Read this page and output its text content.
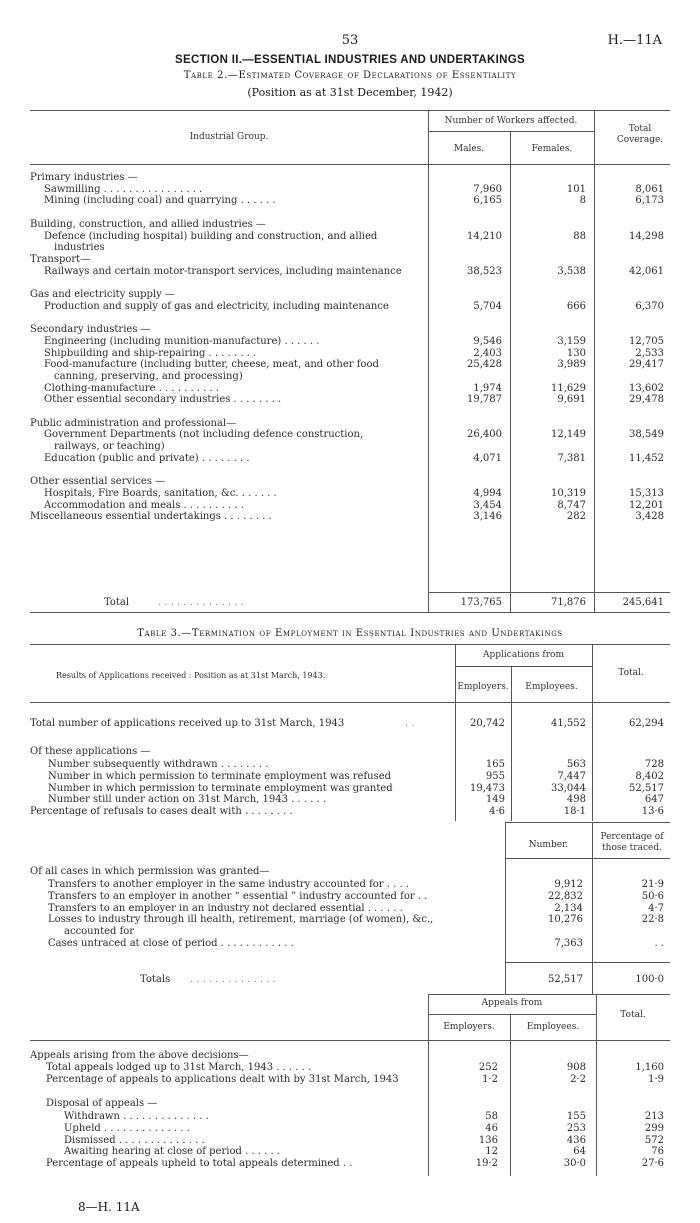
53	H.—11A
SECTION II.—ESSENTIAL INDUSTRIES AND UNDERTAKINGS
Table 2.—Estimated Coverage of Declarations of Essentiality
(Position as at 31st December, 1942)
Industrial Group.
Number of Workers affected.
Males.	Females.
Total Coverage.
Primary industries —
Sawmilling . . . . . . . . . . . . . . . .	7,960	101	8,061
Mining (including coal) and quarrying . . . . . .	6,165	8	6,173
Building, construction, and allied industries —
Defence (including hospital) building and construction, and allied	14,210	88	14,298
industries
Transport—
Railways and certain motor-transport services, including maintenance	38,523	3,538	42,061
Gas and electricity supply —
Production and supply of gas and electricity, including maintenance	5,704	666	6,370
Secondary industries —
Engineering (including munition-manufacture) . . . . . .	9,546	3,159	12,705
Shipbuilding and ship-repairing . . . . . . . .	2,403	130	2,533
Food-manufacture (including butter, cheese, meat, and other food	25,428	3,989	29,417
canning, preserving, and processing)
Clothing-manufacture . . . . . . . . . .	1,974	11,629	13,602
Other essential secondary industries . . . . . . . .	19,787	9,691	29,478
Public administration and professional—
Government Departments (not including defence construction,	26,400	12,149	38,549
railways, or teaching)
Education (public and private) . . . . . . . .	4,071	7,381	11,452
Other essential services —
Hospitals, Fire Boards, sanitation, &c. . . . . . .	4,994	10,319	15,313
Accommodation and meals . . . . . . . . . .	3,454	8,747	12,201
Miscellaneous essential undertakings . . . . . . . .	3,146	282	3,428
Total	. . . . . . . . . . . . . .	173,765	71,876	245,641
Table 3.—Termination of Employment in Essential Industries and Undertakings
Results of Applications received : Position as at 31st March, 1943.
Applications from
Employers.	Employees.
Total.
Total number of applications received up to 31st March, 1943	. .	20,742	41,552	62,294
Of these applications —
Number subsequently withdrawn . . . . . . . .	165	563	728
Number in which permission to terminate employment was refused	955	7,447	8,402
Number in which permission to terminate employment was granted	19,473	33,044	52,517
Number still under action on 31st March, 1943 . . . . . .	149	498	647
Percentage of refusals to cases dealt with . . . . . . . .	4·6	18·1	13·6
Number.
Percentage of those traced.
Of all cases in which permission was granted—
Transfers to another employer in the same industry accounted for . . . .	9,912	21·9
Transfers to an employer in another “ essential ” industry accounted for . .	22,832	50·6
Transfers to an employer in an industry not declared essential . . . . . .	2,134	4·7
Losses to industry through ill health, retirement, marriage (of women), &c.,	10,276	22·8
accounted for
Cases untraced at close of period . . . . . . . . . . . .	7,363	. .
Totals . . . . . . . . . . . . . .	52,517	100·0
Appeals from
Employers.	Employees.
Total.
Appeals arising from the above decisions—
Total appeals lodged up to 31st March, 1943 . . . . . .	252	908	1,160
Percentage of appeals to applications dealt with by 31st March, 1943	1·2	2·2	1·9
Disposal of appeals —
Withdrawn . . . . . . . . . . . . . .	58	155	213
Upheld . . . . . . . . . . . . . .	46	253	299
Dismissed . . . . . . . . . . . . . .	136	436	572
Awaiting hearing at close of period . . . . . .	12	64	76
Percentage of appeals upheld to total appeals determined . .	19·2	30·0	27·6
8—H. 11A
